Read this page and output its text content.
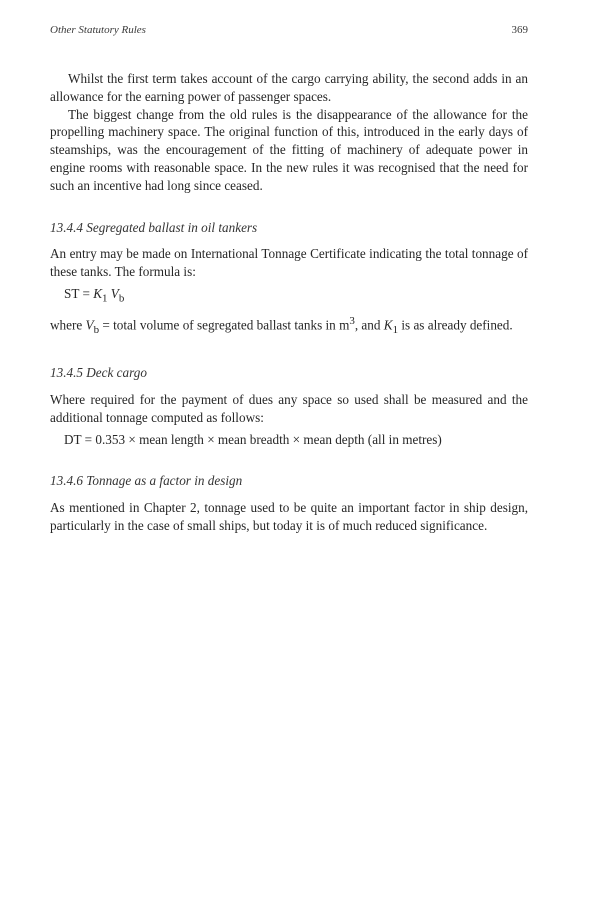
Other Statutory Rules	369

Whilst the first term takes account of the cargo carrying ability, the second adds in an allowance for the earning power of passenger spaces.

The biggest change from the old rules is the disappearance of the allowance for the propelling machinery space. The original function of this, introduced in the early days of steamships, was the encouragement of the fitting of machinery of adequate power in engine rooms with reasonable space. In the new rules it was recognised that the need for such an incentive had long since ceased.

13.4.4 Segregated ballast in oil tankers

An entry may be made on International Tonnage Certificate indicating the total tonnage of these tanks. The formula is:

ST = $K_1$ $V_b$

where $V_b$ = total volume of segregated ballast tanks in $m^3$, and $K_1$ is as already defined.

13.4.5 Deck cargo

Where required for the payment of dues any space so used shall be measured and the additional tonnage computed as follows:

DT = 0.353 × mean length × mean breadth × mean depth (all in metres)
13.4.6 Tonnage as a factor in design

As mentioned in Chapter 2, tonnage used to be quite an important factor in ship design, particularly in the case of small ships, but today it is of much reduced significance.
